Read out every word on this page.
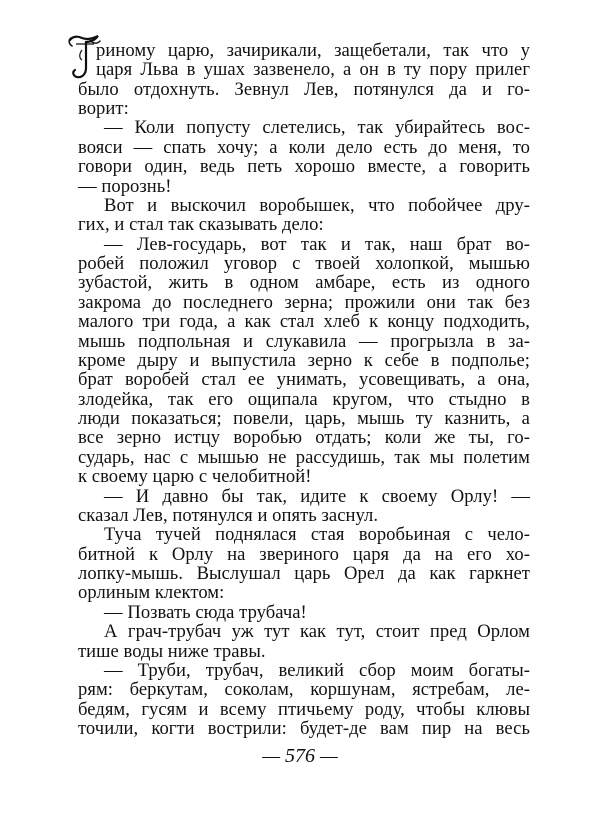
риному царю, зачирикали, защебетали, так что у
царя Льва в ушах зазвенело, а он в ту пору прилег
было отдохнуть. Зевнул Лев, потянулся да и го-
ворит:
— Коли попусту слетелись, так убирайтесь вос-
вояси — спать хочу; а коли дело есть до меня, то
говори один, ведь петь хорошо вместе, а говорить
— порознь!
Вот и выскочил воробышек, что побойчее дру-
гих, и стал так сказывать дело:
— Лев-государь, вот так и так, наш брат во-
робей положил уговор с твоей холопкой, мышью
зубастой, жить в одном амбаре, есть из одного
закрома до последнего зерна; прожили они так без
малого три года, а как стал хлеб к концу подходить,
мышь подпольная и слукавила — прогрызла в за-
кроме дыру и выпустила зерно к себе в подполье;
брат воробей стал ее унимать, усовещивать, а она,
злодейка, так его ощипала кругом, что стыдно в
люди показаться; повели, царь, мышь ту казнить, а
все зерно истцу воробью отдать; коли же ты, го-
сударь, нас с мышью не рассудишь, так мы полетим
к своему царю с челобитной!
— И давно бы так, идите к своему Орлу! —
сказал Лев, потянулся и опять заснул.
Туча тучей поднялася стая воробьиная с чело-
битной к Орлу на звериного царя да на его хо-
лопку-мышь. Выслушал царь Орел да как гаркнет
орлиным клектом:
— Позвать сюда трубача!
А грач-трубач уж тут как тут, стоит пред Орлом
тише воды ниже травы.
— Труби, трубач, великий сбор моим богаты-
рям: беркутам, соколам, коршунам, ястребам, ле-
бедям, гусям и всему птичьему роду, чтобы клювы
точили, когти вострили: будет-де вам пир на весь
— 576 —
